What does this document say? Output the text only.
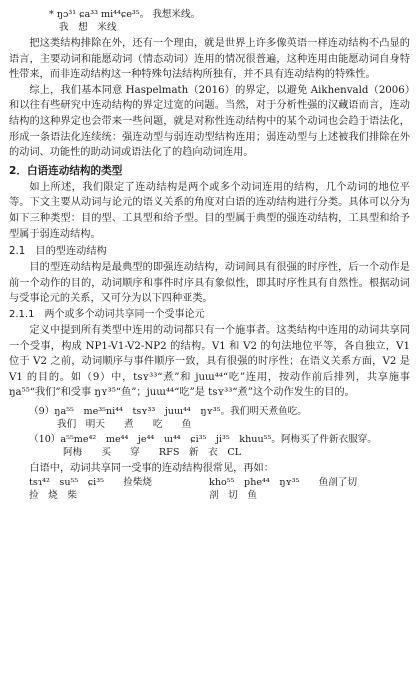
* ŋɔ³¹ ɕa³³ mi⁴⁴ɕe³⁵。 我想米线。
我　想　米线

把这类结构排除在外，还有一个理由，就是世界上许多像英语一样连动结构不凸显的语言，主要动词和能愿动词（情态动词）连用的情况很普遍，这种连用由能愿动词自身特性带来，而非连动结构这一种特殊句法结构所独有，并不具有连动结构的特殊性。

综上，我们基本同意 Haspelmath（2016）的界定，以避免 Aikhenvald（2006）和以往有些研究中连动结构的界定过宽的问题。当然，对于分析性强的汉藏语而言，连动结构的这种界定也会带来一些问题，就是对称性连动结构中的某个动词也会趋于语法化，形成一条语法化连续统：强连动型与弱连动型结构连用；弱连动型与上述被我们排除在外的动词、功能性的助动词或语法化了的趋向动词连用。

2．白语连动结构的类型

如上所述，我们限定了连动结构是两个或多个动词连用的结构，几个动词的地位平等。下文主要从动词与论元的语义关系的角度对白语的连动结构进行分类。具体可以分为如下三种类型：目的型、工具型和给予型。目的型属于典型的强连动结构，工具型和给予型属于弱连动结构。

2.1　目的型连动结构

目的型连动结构是最典型的即强连动结构，动词间具有很强的时序性，后一个动作是前一个动作的目的，动词顺序和事件时序具有象似性，即其时序性具有自然性。根据动词与受事论元的关系，又可分为以下四种亚类。

2.1.1　两个或多个动词共享同一个受事论元

定义中提到所有类型中连用的动词都只有一个施事者。这类结构中连用的动词共享同一个受事，构成 NP1-V1-V2-NP2 的结构。V1 和 V2 的句法地位平等，各自独立，V1 位于 V2 之前，动词顺序与事件顺序一致，具有很强的时序性；在语义关系方面，V2 是 V1 的目的。如（9）中，tsʏ³³“煮”和 juɯ⁴⁴“吃”连用，按动作前后排列，共享施事 ŋa⁵⁵“我们”和受事 ŋʏ³⁵“鱼”；juɯ⁴⁴“吃”是 tsʏ³³“煮”这个动作发生的目的。

（9）ŋa⁵⁵　me³⁵ni⁴⁴　tsʏ³³　juɯ⁴⁴　ŋʏ³⁵。我们明天煮鱼吃。
我们　明天　　煮　　吃　　鱼
（10）a⁵⁵me⁴²　me⁴⁴　je⁴⁴　ɯ⁴⁴　ɕi³⁵　ji³⁵　khuu⁵⁵。阿梅买了件新衣服穿。
阿梅　　买　　穿　　RFS　新　衣　CL

白语中，动词共享同一受事的连动结构很常见，再如：

tsɿ⁴²　su⁵⁵　ɕi³⁵　　捡柴烧
捡　烧　柴
kho⁵⁵　phe⁴⁴　ŋʏ³⁵　　鱼剖了切
剖　切　鱼
